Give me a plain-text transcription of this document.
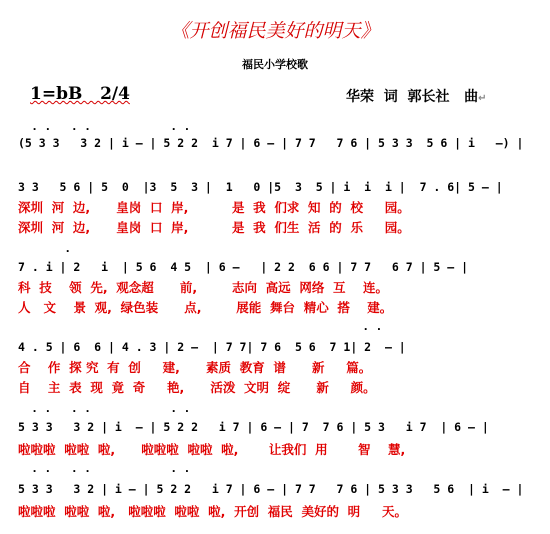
《开创福民美好的明天》
福民小学校歌
1=bB   2/4	华荣  词  郭长社   曲↵
. .   . .            . .
(5 3 3   3 2 | i — | 5 2 2  i 7 | 6 — | 7 7   7 6 | 5 3 3  5 6 | i   —) |
3 3   5 6 | 5  0  |3  5  3 |  1   0 |5  3  5 | i  i  i |  7 . 6| 5 — |
深圳  河  边,      皇岗  口  岸,          是  我  们求  知  的  校     园。
深圳  河  边,      皇岗  口  岸,          是  我  们生  活  的  乐     园。
.
7 . i | 2   i  | 5 6  4 5  | 6 —   | 2 2  6 6 | 7 7   6 7 | 5 — |
科  技    领  先,  观念超      前,        志向  高远  网络  互    连。
人   文    景  观,  绿色装      点,        展能  舞台  精心  搭    建。
. .
4 . 5 | 6  6 | 4 . 3 | 2 —  | 7 7| 7 6  5 6  7 1| 2  — |
合    作  探 究  有  创     建,      素质  教育  谱      新     篇。
自    主  表  现  竟  奇     艳,      活泼  文明  绽      新     颜。
. .   . .            . .
5 3 3   3 2 | i  — | 5 2 2   i 7 | 6 — | 7  7 6 | 5 3   i 7  | 6 — |
啦啦啦  啦啦  啦,      啦啦啦  啦啦  啦,       让我们  用       智    慧,
. .   . .            . .
5 3 3   3 2 | i — | 5 2 2   i 7 | 6 — | 7 7   7 6 | 5 3 3   5 6  | i  — |
啦啦啦  啦啦  啦,   啦啦啦  啦啦  啦,  开创  福民  美好的  明     天。
